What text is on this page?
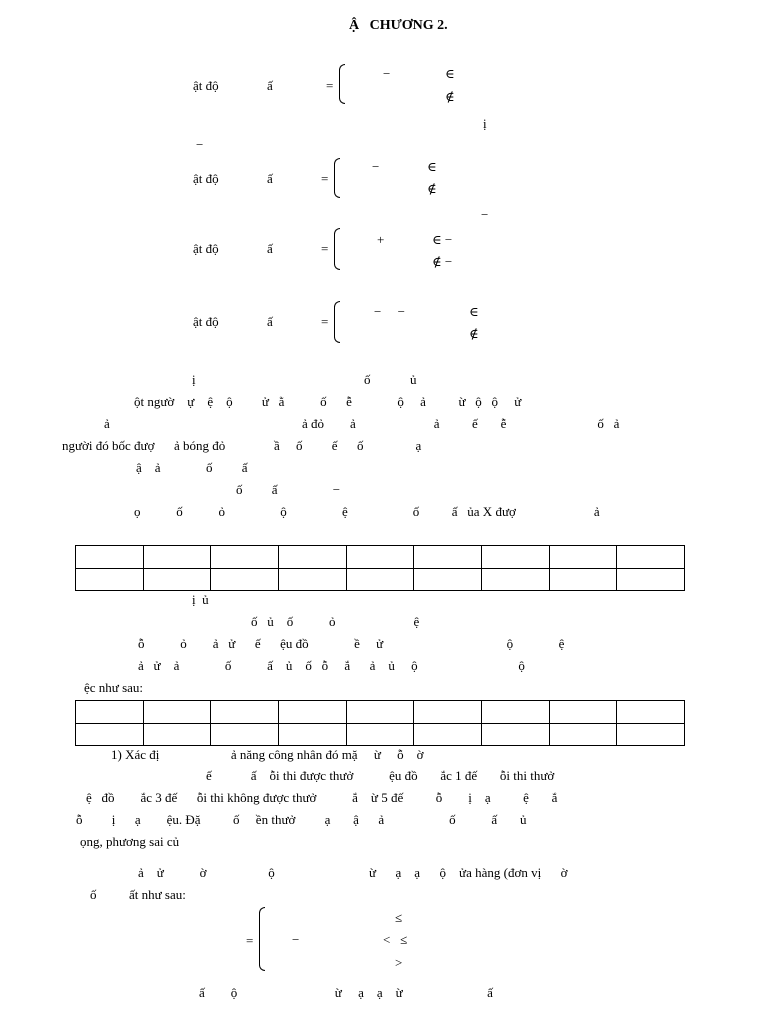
Ậ   CHƯƠNG 2.
ật độ	ấ	=
−	∈
∉
ị
−
ật độ	ấ	=
−	∈
∉
−
ật độ	ấ	=
+	∈ −
∉ −
ật độ	ấ	=
−     −	∈
∉
ị	ố	ủ
ột ngườ    ự    ệ    ộ         ử   ằ           ố      ễ              ộ     ả          ừ   ộ   ộ     ử
ả	ả đỏ        ả                        ả          ế       ễ                            ố   ả
người đó bốc đượ      ả bóng đỏ               ầ     ố         ế      ố                ạ
ậ    ả              ố         ấ
ố         ấ                 −
ọ           ố           ỏ                 ộ                 ệ                    ố          ấ   ủa X đượ                        ả

ị  ủ
ố   ủ    ố           ỏ                        ệ
ỗ           ỏ        ả   ử      ế      ệu đồ              ề     ử                                      ộ              ệ
ả   ử    ả              ố           ấ    ủ    ố   ỗ     ắ      ả    ủ     ộ                               ộ
ệc như sau:

1) Xác đị                      ả năng công nhân đó mặ     ừ     ỗ    ờ
ế            ấ    ỗi thi được thưở           ệu đồ       ắc 1 đế       ỗi thi thưở
ệ   đồ        ắc 3 đế      ỗi thi không được thưở           ắ    ừ 5 đế          ỗ        ị    ạ          ệ       ắ
ỗ         ị      ạ        ệu. Đặ          ố     ền thưở         ạ       ậ      ả                    ố           ấ       ủ
ọng, phương sai củ
ả    ử           ờ                   ộ                             ừ      ạ    ạ      ộ    ửa hàng (đơn vị      ờ
ố          ất như sau:
=	−
≤
<   ≤
>
ấ        ộ                              ừ     ạ    ạ    ừ                          ấ
